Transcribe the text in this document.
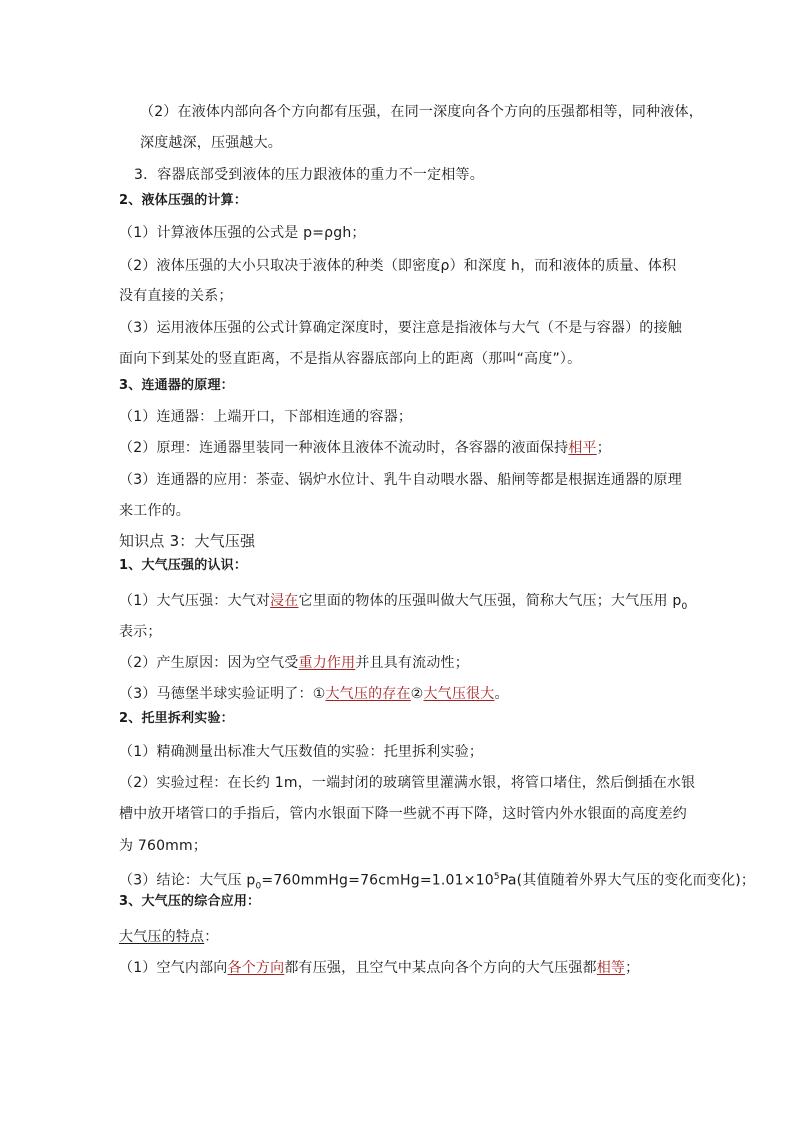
（2）在液体内部向各个方向都有压强，在同一深度向各个方向的压强都相等，同种液体，
深度越深，压强越大。
3．容器底部受到液体的压力跟液体的重力不一定相等。
2、液体压强的计算：
（1）计算液体压强的公式是 p=ρgh；
（2）液体压强的大小只取决于液体的种类（即密度ρ）和深度 h，而和液体的质量、体积
没有直接的关系；
（3）运用液体压强的公式计算确定深度时，要注意是指液体与大气（不是与容器）的接触
面向下到某处的竖直距离，不是指从容器底部向上的距离（那叫“高度”）。
3、连通器的原理：
（1）连通器：上端开口，下部相连通的容器；
（2）原理：连通器里装同一种液体且液体不流动时，各容器的液面保持相平；
（3）连通器的应用：茶壶、锅炉水位计、乳牛自动喂水器、船闸等都是根据连通器的原理
来工作的。
知识点 3：大气压强
1、大气压强的认识：
（1）大气压强：大气对浸在它里面的物体的压强叫做大气压强，简称大气压；大气压用 $p_0$
表示；
（2）产生原因：因为空气受重力作用并且具有流动性；
（3）马德堡半球实验证明了：①大气压的存在②大气压很大。
2、托里拆利实验：
（1）精确测量出标准大气压数值的实验：托里拆利实验；
（2）实验过程：在长约 1m，一端封闭的玻璃管里灌满水银，将管口堵住，然后倒插在水银
槽中放开堵管口的手指后，管内水银面下降一些就不再下降，这时管内外水银面的高度差约
为 760mm；
（3）结论：大气压 $p_0=760mmHg=76cmHg=1.01\times 10^5Pa$(其值随着外界大气压的变化而变化)；
3、大气压的综合应用：
大气压的特点：
（1）空气内部向各个方向都有压强，且空气中某点向各个方向的大气压强都相等；
